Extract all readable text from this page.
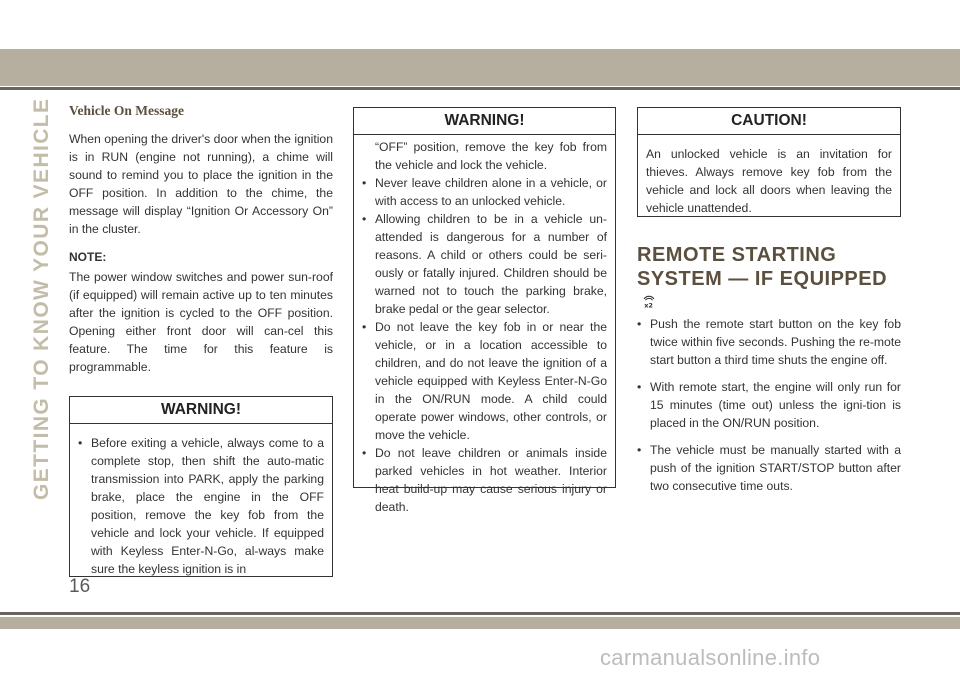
GETTING TO KNOW YOUR VEHICLE Vehicle On Message

When opening the driver's door when the ignition is in RUN (engine not running), a chime will sound to remind you to place the ignition in the OFF position. In addition to the chime, the message will display “Ignition Or Accessory On” in the cluster.

NOTE:

The power window switches and power sun-roof (if equipped) will remain active up to ten minutes after the ignition is cycled to the OFF position. Opening either front door will can-cel this feature. The time for this feature is programmable.

WARNING!
• Before exiting a vehicle, always come to a complete stop, then shift the auto-matic transmission into PARK, apply the parking brake, place the engine in the OFF position, remove the key fob from the vehicle and lock your vehicle. If equipped with Keyless Enter-N-Go, al-ways make sure the keyless ignition is in
WARNING!
“OFF” position, remove the key fob from the vehicle and lock the vehicle.
• Never leave children alone in a vehicle, or with access to an unlocked vehicle.
• Allowing children to be in a vehicle un-attended is dangerous for a number of reasons. A child or others could be seri-ously or fatally injured. Children should be warned not to touch the parking brake, brake pedal or the gear selector.
• Do not leave the key fob in or near the vehicle, or in a location accessible to children, and do not leave the ignition of a vehicle equipped with Keyless Enter-N-Go in the ON/RUN mode. A child could operate power windows, other controls, or move the vehicle.
• Do not leave children or animals inside parked vehicles in hot weather. Interior heat build-up may cause serious injury or death.
CAUTION!

An unlocked vehicle is an invitation for thieves. Always remove key fob from the vehicle and lock all doors when leaving the vehicle unattended.

REMOTE STARTING
SYSTEM — IF EQUIPPED
x2
• Push the remote start button on the key fob twice within five seconds. Pushing the re-mote start button a third time shuts the engine off.
• With remote start, the engine will only run for 15 minutes (time out) unless the igni-tion is placed in the ON/RUN position.
• The vehicle must be manually started with a push of the ignition START/STOP button after two consecutive time outs.
16
carmanualsonline.info
